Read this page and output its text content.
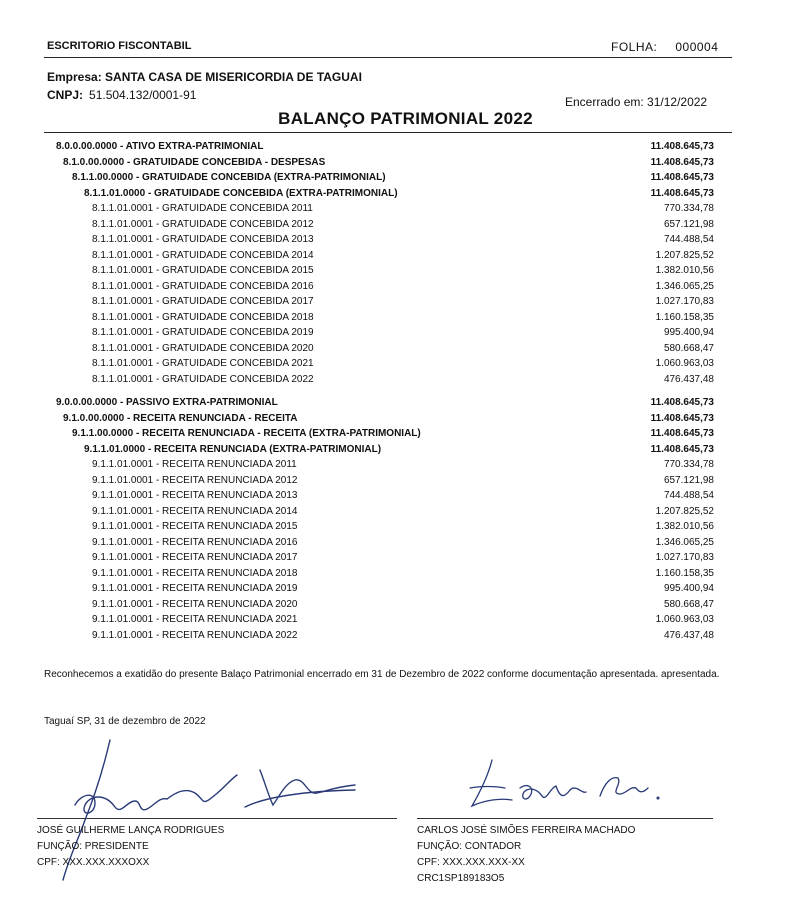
ESCRITORIO FISCONTABIL	FOLHA: 000004
Empresa: SANTA CASA DE MISERICORDIA DE TAGUAI
CNPJ: 51.504.132/0001-91	Encerrado em: 31/12/2022
BALANÇO PATRIMONIAL 2022
8.0.0.00.0000 - ATIVO EXTRA-PATRIMONIAL	11.408.645,73
8.1.0.00.0000 - GRATUIDADE CONCEBIDA - DESPESAS	11.408.645,73
8.1.1.00.0000 - GRATUIDADE CONCEBIDA (EXTRA-PATRIMONIAL)	11.408.645,73
8.1.1.01.0000 - GRATUIDADE CONCEBIDA (EXTRA-PATRIMONIAL)	11.408.645,73
8.1.1.01.0001 - GRATUIDADE CONCEBIDA 2011	770.334,78
8.1.1.01.0001 - GRATUIDADE CONCEBIDA 2012	657.121,98
8.1.1.01.0001 - GRATUIDADE CONCEBIDA 2013	744.488,54
8.1.1.01.0001 - GRATUIDADE CONCEBIDA 2014	1.207.825,52
8.1.1.01.0001 - GRATUIDADE CONCEBIDA 2015	1.382.010,56
8.1.1.01.0001 - GRATUIDADE CONCEBIDA 2016	1.346.065,25
8.1.1.01.0001 - GRATUIDADE CONCEBIDA 2017	1.027.170,83
8.1.1.01.0001 - GRATUIDADE CONCEBIDA 2018	1.160.158,35
8.1.1.01.0001 - GRATUIDADE CONCEBIDA 2019	995.400,94
8.1.1.01.0001 - GRATUIDADE CONCEBIDA 2020	580.668,47
8.1.1.01.0001 - GRATUIDADE CONCEBIDA 2021	1.060.963,03
8.1.1.01.0001 - GRATUIDADE CONCEBIDA 2022	476.437,48
9.0.0.00.0000 - PASSIVO EXTRA-PATRIMONIAL	11.408.645,73
9.1.0.00.0000 - RECEITA RENUNCIADA - RECEITA	11.408.645,73
9.1.1.00.0000 - RECEITA RENUNCIADA - RECEITA (EXTRA-PATRIMONIAL)	11.408.645,73
9.1.1.01.0000 - RECEITA RENUNCIADA (EXTRA-PATRIMONIAL)	11.408.645,73
9.1.1.01.0001 - RECEITA RENUNCIADA 2011	770.334,78
9.1.1.01.0001 - RECEITA RENUNCIADA 2012	657.121,98
9.1.1.01.0001 - RECEITA RENUNCIADA 2013	744.488,54
9.1.1.01.0001 - RECEITA RENUNCIADA 2014	1.207.825,52
9.1.1.01.0001 - RECEITA RENUNCIADA 2015	1.382.010,56
9.1.1.01.0001 - RECEITA RENUNCIADA 2016	1.346.065,25
9.1.1.01.0001 - RECEITA RENUNCIADA 2017	1.027.170,83
9.1.1.01.0001 - RECEITA RENUNCIADA 2018	1.160.158,35
9.1.1.01.0001 - RECEITA RENUNCIADA 2019	995.400,94
9.1.1.01.0001 - RECEITA RENUNCIADA 2020	580.668,47
9.1.1.01.0001 - RECEITA RENUNCIADA 2021	1.060.963,03
9.1.1.01.0001 - RECEITA RENUNCIADA 2022	476.437,48
Reconhecemos a exatidão do presente Balaço Patrimonial encerrado em 31 de Dezembro de 2022 conforme documentação apresentada. apresentada.
Taguaí SP, 31 de dezembro de 2022
JOSÉ GUILHERME LANÇA RODRIGUES
FUNÇÃO: PRESIDENTE
CPF: XXX.XXX.XXXOXX
CARLOS JOSÉ SIMÕES FERREIRA MACHADO
FUNÇÃO: CONTADOR
CPF: XXX.XXX.XXX-XX
CRC1SP189183O5
